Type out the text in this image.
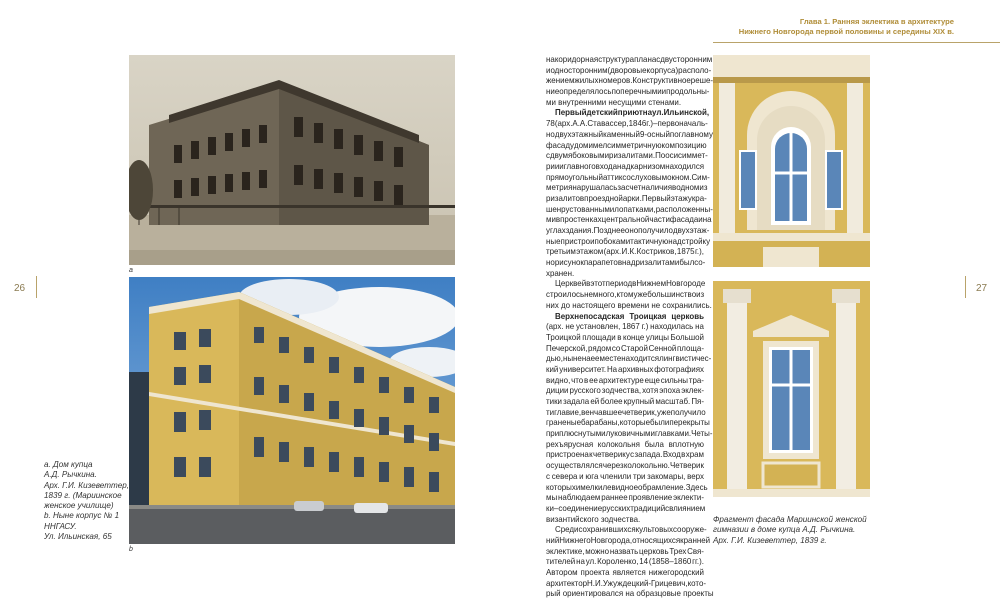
Глава 1. Ранняя эклектика в архитектуре
Нижнего Новгорода первой половины и середины XIX в.
26	27
a
b
a. Дом купца
А.Д. Рычкина.
Арх. Г.И. Кизеветтер,
1839 г. (Мариинское
женское училище)
b. Ныне корпус № 1
ННГАСУ.
Ул. Ильинская, 65
на коридорная структура плана с двусторонним
и односторонним (дворовые корпуса) располо-
жением жилых номеров. Конструктивное реше-
ние определялось поперечными и продольны-
ми внутренними несущими стенами.
Первый детский приют на ул. Ильинской,
78 (арх. А.А. Ставассер, 1846 г.) – первоначаль-
но двухэтажный каменный 9-осный по главному
фасаду дом имел симметричную композицию
с двумя боковыми ризалитами. По оси симмет-
рии и главного входа над карнизом находился
прямоугольный аттик со слуховым окном. Сим-
метрия нарушалась за счет наличия в одном из
ризалитов проездной арки. Первый этаж укра-
шен рустованными лопатками, расположенны-
ми в простенках центральной части фасада и на
углах здания. Позднее оно получило двухэтаж-
ные пристрои по бокам и тактичную надстройку
третьим этажом (арх. И.К. Костриков, 1875 г.),
но рисунок парапетов над ризалитами был со-
хранен.
Церквей в этот период в Нижнем Новгороде
строилось немного, к тому же большинство из
них до настоящего времени не сохранились.
Верхнепосадская Троицкая церковь
(арх. не установлен, 1867 г.) находилась на
Троицкой площади в конце улицы Большой
Печерской, рядом со Старой Сенной площа-
дью, ныне на ее месте находится лингвистичес-
кий университет. На архивных фотографиях
видно, что в ее архитектуре еще сильны тра-
диции русского зодчества, хотя эпоха эклек-
тики задала ей более крупный масштаб. Пя-
тиглавие, венчавшее четверик, уже получило
граненые барабаны, которые были перекрыты
приплюснутыми луковичными главками. Четы-
рехъярусная колокольня была вплотную
пристроена к четверику с запада. Вход в храм
осуществлялся через колокольню. Четверик
с севера и юга членили три закомары, верх
которых имел килевидное обрамление. Здесь
мы наблюдаем раннее проявление эклекти-
ки – соединение русских традиций с влиянием
византийского зодчества.
Среди сохранившихся культовых сооруже-
ний Нижнего Новгорода, относящихся к ранней
эклектике, можно назвать церковь Трех Свя-
тителей на ул. Короленко, 14 (1858–1860 гг.).
Автором проекта является нижегородский
архитектор Н.И. Ужуждецкий-Грицевич, кото-
рый ориентировался на образцовые проекты
Фрагмент фасада Мариинской женской
гимназии в доме купца А.Д. Рычкина.
Арх. Г.И. Кизеветтер, 1839 г.
